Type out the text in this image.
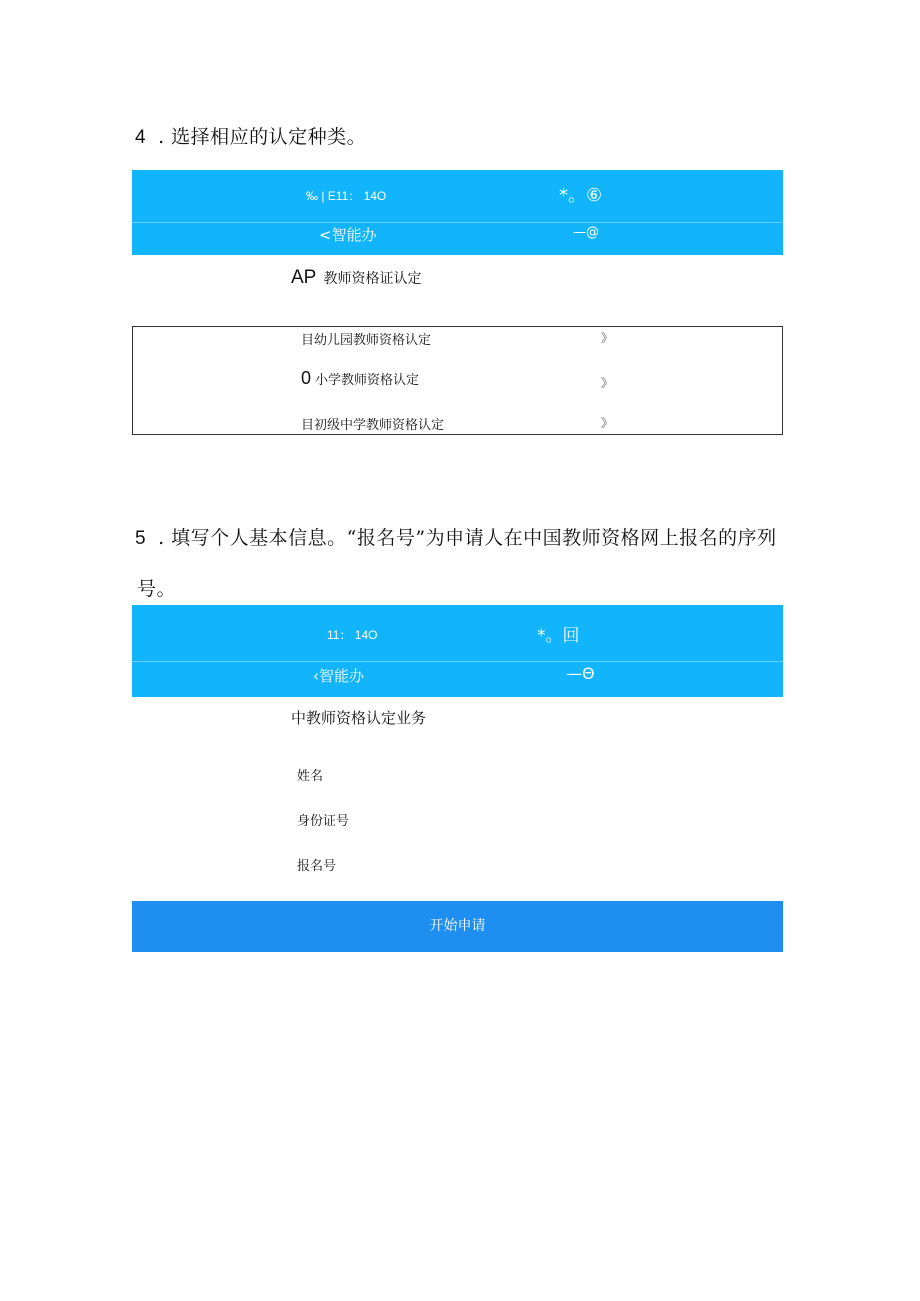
4 . 选择相应的认定种类。
‰ | E11： 14O	*。⑥
<智能办	—@
AP 教师资格证认定
目幼儿园教师资格认定	》
0 小学教师资格认定	》
目初级中学教师资格认定	》
5 . 填写个人基本信息。“报名号”为申请人在中国教师资格网上报名的序列
号。
11： 14O	*。回
‹智能办	—Θ
中教师资格认定业务
姓名
身份证号
报名号
开始申请
